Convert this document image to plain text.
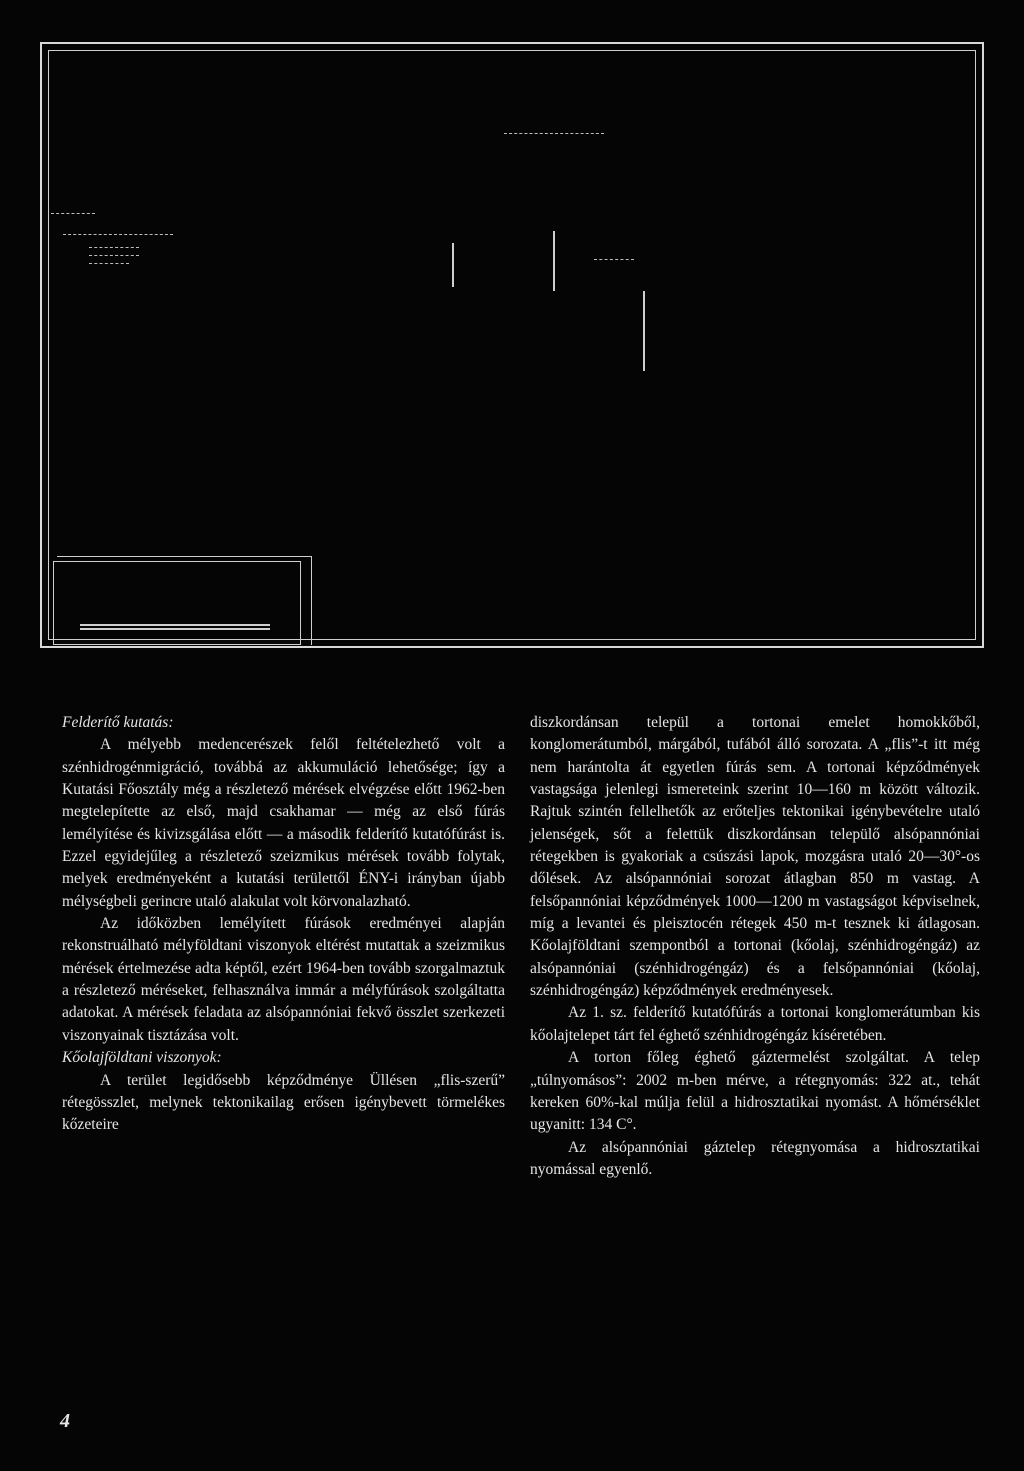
Felderítő kutatás:

A mélyebb medencerészek felől feltételezhető volt a szénhidrogénmigráció, továbbá az akkumuláció lehetősége; így a Kutatási Főosztály még a részletező mérések elvégzése előtt 1962-ben megtelepítette az első, majd csakhamar — még az első fúrás lemélyítése és kivizsgálása előtt — a második felderítő kutatófúrást is. Ezzel egyidejűleg a részletező szeizmikus mérések tovább folytak, melyek eredményeként a kutatási területtől ÉNY-i irányban újabb mélységbeli gerincre utaló alakulat volt körvonalazható.

Az időközben lemélyített fúrások eredményei alapján rekonstruálható mélyföldtani viszonyok eltérést mutattak a szeizmikus mérések értelmezése adta képtől, ezért 1964-ben tovább szorgalmaztuk a részletező méréseket, felhasználva immár a mélyfúrások szolgáltatta adatokat. A mérések feladata az alsópannóniai fekvő összlet szerkezeti viszonyainak tisztázása volt.

Kőolajföldtani viszonyok:

A terület legidősebb képződménye Üllésen „flis-szerű” rétegösszlet, melynek tektonikailag erősen igénybevett törmelékes kőzeteire

diszkordánsan települ a tortonai emelet homokkőből, konglomerátumból, márgából, tufából álló sorozata. A „flis”-t itt még nem harántolta át egyetlen fúrás sem. A tortonai képződmények vastagsága jelenlegi ismereteink szerint 10—160 m között változik. Rajtuk szintén fellelhetők az erőteljes tektonikai igénybevételre utaló jelenségek, sőt a felettük diszkordánsan települő alsópannóniai rétegekben is gyakoriak a csúszási lapok, mozgásra utaló 20—30°-os dőlések. Az alsópannóniai sorozat átlagban 850 m vastag. A felsőpannóniai képződmények 1000—1200 m vastagságot képviselnek, míg a levantei és pleisztocén rétegek 450 m-t tesznek ki átlagosan. Kőolajföldtani szempontból a tortonai (kőolaj, szénhidrogéngáz) az alsópannóniai (szénhidrogéngáz) és a felsőpannóniai (kőolaj, szénhidrogéngáz) képződmények eredményesek.

Az 1. sz. felderítő kutatófúrás a tortonai konglomerátumban kis kőolajtelepet tárt fel éghető szénhidrogéngáz kíséretében.

A torton főleg éghető gáztermelést szolgáltat. A telep „túlnyomásos”: 2002 m-ben mérve, a rétegnyomás: 322 at., tehát kereken 60%-kal múlja felül a hidrosztatikai nyomást. A hőmérséklet ugyanitt: 134 C°.

Az alsópannóniai gáztelep rétegnyomása a hidrosztatikai nyomással egyenlő.

4
